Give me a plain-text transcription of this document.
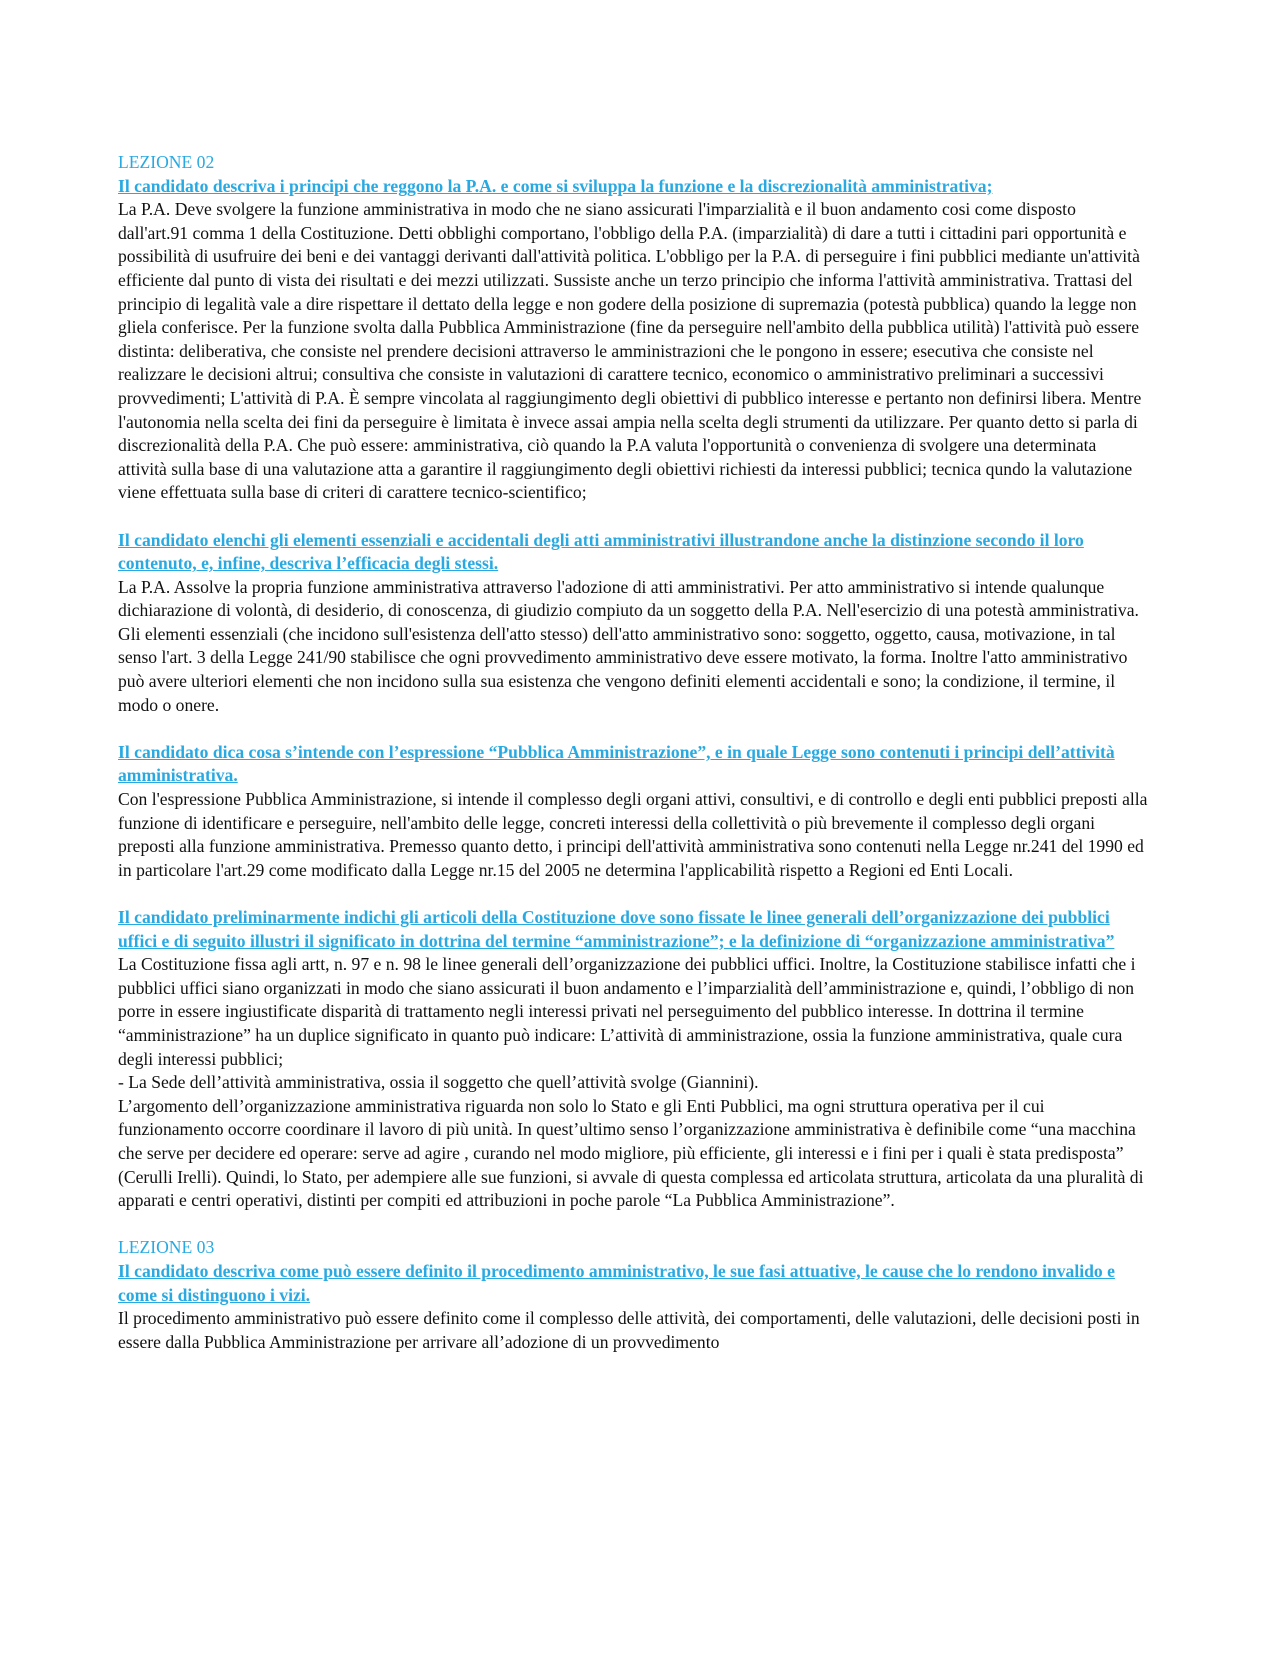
LEZIONE 02

Il candidato descriva i principi che reggono la P.A. e come si sviluppa la funzione e la discrezionalità amministrativa;

La P.A. Deve svolgere la funzione amministrativa in modo che ne siano assicurati l'imparzialità e il buon andamento cosi come disposto dall'art.91 comma 1 della Costituzione. Detti obblighi comportano, l'obbligo della P.A. (imparzialità) di dare a tutti i cittadini pari opportunità e possibilità di usufruire dei beni e dei vantaggi derivanti dall'attività politica. L'obbligo per la P.A. di perseguire i fini pubblici mediante un'attività efficiente dal punto di vista dei risultati e dei mezzi utilizzati. Sussiste anche un terzo principio che informa l'attività amministrativa. Trattasi del principio di legalità vale a dire rispettare il dettato della legge e non godere della posizione di supremazia (potestà pubblica) quando la legge non gliela conferisce. Per la funzione svolta dalla Pubblica Amministrazione (fine da perseguire nell'ambito della pubblica utilità) l'attività può essere distinta: deliberativa, che consiste nel prendere decisioni attraverso le amministrazioni che le pongono in essere; esecutiva che consiste nel realizzare le decisioni altrui; consultiva che consiste in valutazioni di carattere tecnico, economico o amministrativo preliminari a successivi provvedimenti; L'attività di P.A. È sempre vincolata al raggiungimento degli obiettivi di pubblico interesse e pertanto non definirsi libera. Mentre l'autonomia nella scelta dei fini da perseguire è limitata è invece assai ampia nella scelta degli strumenti da utilizzare. Per quanto detto si parla di discrezionalità della P.A. Che può essere: amministrativa, ciò quando la P.A valuta l'opportunità o convenienza di svolgere una determinata attività sulla base di una valutazione atta a garantire il raggiungimento degli obiettivi richiesti da interessi pubblici; tecnica qundo la valutazione viene effettuata sulla base di criteri di carattere tecnico-scientifico;

Il candidato elenchi gli elementi essenziali e accidentali degli atti amministrativi illustrandone anche la distinzione secondo il loro contenuto, e, infine, descriva l’efficacia degli stessi.

La P.A. Assolve la propria funzione amministrativa attraverso l'adozione di atti amministrativi. Per atto amministrativo si intende qualunque dichiarazione di volontà, di desiderio, di conoscenza, di giudizio compiuto da un soggetto della P.A. Nell'esercizio di una potestà amministrativa. Gli elementi essenziali (che incidono sull'esistenza dell'atto stesso) dell'atto amministrativo sono: soggetto, oggetto, causa, motivazione, in tal senso l'art. 3 della Legge 241/90 stabilisce che ogni provvedimento amministrativo deve essere motivato, la forma. Inoltre l'atto amministrativo può avere ulteriori elementi che non incidono sulla sua esistenza che vengono definiti elementi accidentali e sono; la condizione, il termine, il modo o onere.

Il candidato dica cosa s’intende con l’espressione “Pubblica Amministrazione”, e in quale Legge sono contenuti i principi dell’attività amministrativa.

Con l'espressione Pubblica Amministrazione, si intende il complesso degli organi attivi, consultivi, e di controllo e degli enti pubblici preposti alla funzione di identificare e perseguire, nell'ambito delle legge, concreti interessi della collettività o più brevemente il complesso degli organi preposti alla funzione amministrativa. Premesso quanto detto, i principi dell'attività amministrativa sono contenuti nella Legge nr.241 del 1990 ed in particolare l'art.29 come modificato dalla Legge nr.15 del 2005 ne determina l'applicabilità rispetto a Regioni ed Enti Locali.

Il candidato preliminarmente indichi gli articoli della Costituzione dove sono fissate le linee generali dell’organizzazione dei pubblici uffici e di seguito illustri il significato in dottrina del termine “amministrazione”; e la definizione di “organizzazione amministrativa”

La Costituzione fissa agli artt, n. 97 e n. 98 le linee generali dell’organizzazione dei pubblici uffici. Inoltre, la Costituzione stabilisce infatti che i pubblici uffici siano organizzati in modo che siano assicurati il buon andamento e l’imparzialità dell’amministrazione e, quindi, l’obbligo di non porre in essere ingiustificate disparità di trattamento negli interessi privati nel perseguimento del pubblico interesse. In dottrina il termine “amministrazione” ha un duplice significato in quanto può indicare: L’attività di amministrazione, ossia la funzione amministrativa, quale cura degli interessi pubblici;

- La Sede dell’attività amministrativa, ossia il soggetto che quell’attività svolge (Giannini).

L’argomento dell’organizzazione amministrativa riguarda non solo lo Stato e gli Enti Pubblici, ma ogni struttura operativa per il cui funzionamento occorre coordinare il lavoro di più unità. In quest’ultimo senso l’organizzazione amministrativa è definibile come “una macchina che serve per decidere ed operare: serve ad agire , curando nel modo migliore, più efficiente, gli interessi e i fini per i quali è stata predisposta” (Cerulli Irelli). Quindi, lo Stato, per adempiere alle sue funzioni, si avvale di questa complessa ed articolata struttura, articolata da una pluralità di apparati e centri operativi, distinti per compiti ed attribuzioni in poche parole “La Pubblica Amministrazione”.

LEZIONE 03

Il candidato descriva come può essere definito il procedimento amministrativo, le sue fasi attuative, le cause che lo rendono invalido e come si distinguono i vizi.

Il procedimento amministrativo può essere definito come il complesso delle attività, dei comportamenti, delle valutazioni, delle decisioni posti in essere dalla Pubblica Amministrazione per arrivare all’adozione di un provvedimento
